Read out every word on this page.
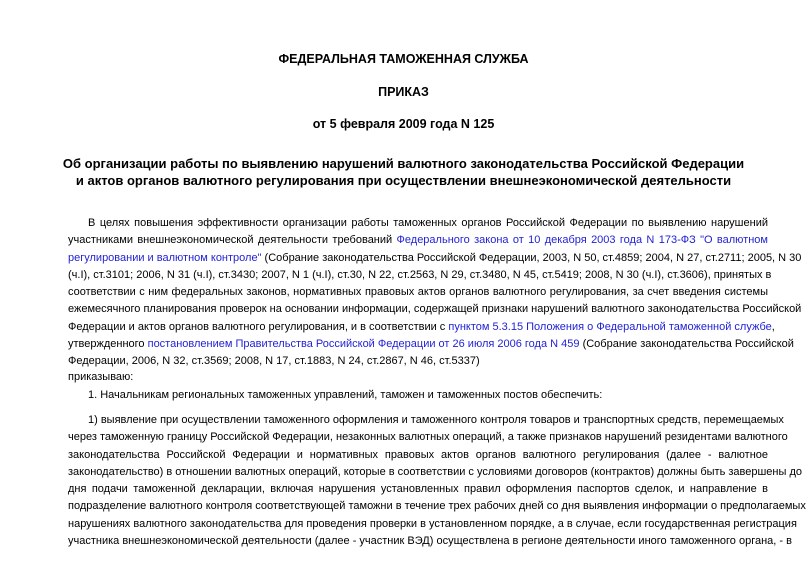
ФЕДЕРАЛЬНАЯ ТАМОЖЕННАЯ СЛУЖБА
ПРИКАЗ
от 5 февраля 2009 года N 125
Об организации работы по выявлению нарушений валютного законодательства Российской Федерации
и актов органов валютного регулирования при осуществлении внешнеэкономической деятельности
В целях повышения эффективности организации работы таможенных органов Российской Федерации по выявлению нарушений
участниками внешнеэкономической деятельности требований Федерального закона от 10 декабря 2003 года N 173-ФЗ "О валютном
регулировании и валютном контроле" (Собрание законодательства Российской Федерации, 2003, N 50, ст.4859; 2004, N 27, ст.2711; 2005, N 30
(ч.I), ст.3101; 2006, N 31 (ч.I), ст.3430; 2007, N 1 (ч.I), ст.30, N 22, ст.2563, N 29, ст.3480, N 45, ст.5419; 2008, N 30 (ч.I), ст.3606), принятых в
соответствии с ним федеральных законов, нормативных правовых актов органов валютного регулирования, за счет введения системы
ежемесячного планирования проверок на основании информации, содержащей признаки нарушений валютного законодательства Российской
Федерации и актов органов валютного регулирования, и в соответствии с пунктом 5.3.15 Положения о Федеральной таможенной службе,
утвержденного постановлением Правительства Российской Федерации от 26 июля 2006 года N 459 (Собрание законодательства Российской
Федерации, 2006, N 32, ст.3569; 2008, N 17, ст.1883, N 24, ст.2867, N 46, ст.5337)
приказываю:
1. Начальникам региональных таможенных управлений, таможен и таможенных постов обеспечить:
1) выявление при осуществлении таможенного оформления и таможенного контроля товаров и транспортных средств, перемещаемых
через таможенную границу Российской Федерации, незаконных валютных операций, а также признаков нарушений резидентами валютного
законодательства Российской Федерации и нормативных правовых актов органов валютного регулирования (далее - валютное
законодательство) в отношении валютных операций, которые в соответствии с условиями договоров (контрактов) должны быть завершены до
дня подачи таможенной декларации, включая нарушения установленных правил оформления паспортов сделок, и направление в
подразделение валютного контроля соответствующей таможни в течение трех рабочих дней со дня выявления информации о предполагаемых
нарушениях валютного законодательства для проведения проверки в установленном порядке, а в случае, если государственная регистрация
участника внешнеэкономической деятельности (далее - участник ВЭД) осуществлена в регионе деятельности иного таможенного органа, - в
